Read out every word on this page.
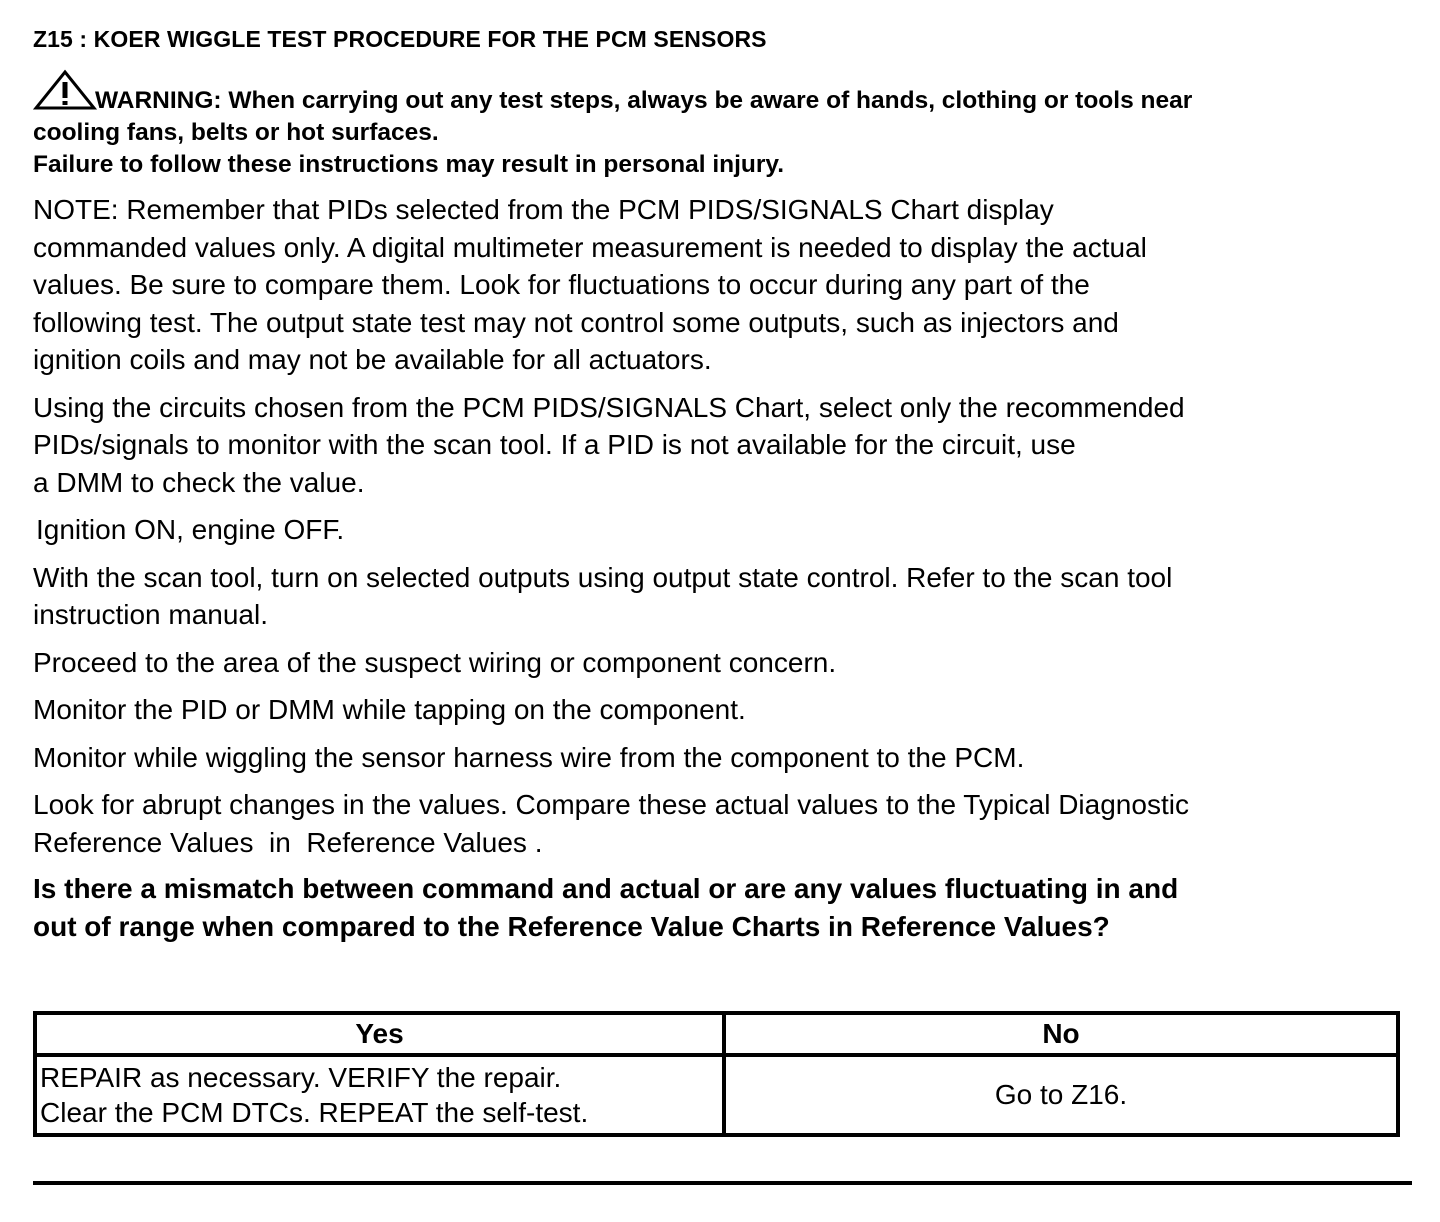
Z15 : KOER WIGGLE TEST PROCEDURE FOR THE PCM SENSORS
WARNING: When carrying out any test steps, always be aware of hands, clothing or tools near
cooling fans, belts or hot surfaces.
Failure to follow these instructions may result in personal injury.
NOTE: Remember that PIDs selected from the PCM PIDS/SIGNALS Chart display
commanded values only. A digital multimeter measurement is needed to display the actual
values. Be sure to compare them. Look for fluctuations to occur during any part of the
following test. The output state test may not control some outputs, such as injectors and
ignition coils and may not be available for all actuators.
Using the circuits chosen from the PCM PIDS/SIGNALS Chart, select only the recommended
PIDs/signals to monitor with the scan tool. If a PID is not available for the circuit, use
a DMM to check the value.
Ignition ON, engine OFF.
With the scan tool, turn on selected outputs using output state control. Refer to the scan tool
instruction manual.
Proceed to the area of the suspect wiring or component concern.
Monitor the PID or DMM while tapping on the component.
Monitor while wiggling the sensor harness wire from the component to the PCM.
Look for abrupt changes in the values. Compare these actual values to the Typical Diagnostic
Reference Values  in  Reference Values .
Is there a mismatch between command and actual or are any values fluctuating in and
out of range when compared to the Reference Value Charts in Reference Values?
Yes	No

REPAIR as necessary. VERIFY the repair.
Clear the PCM DTCs. REPEAT the self-test.	Go to Z16.
